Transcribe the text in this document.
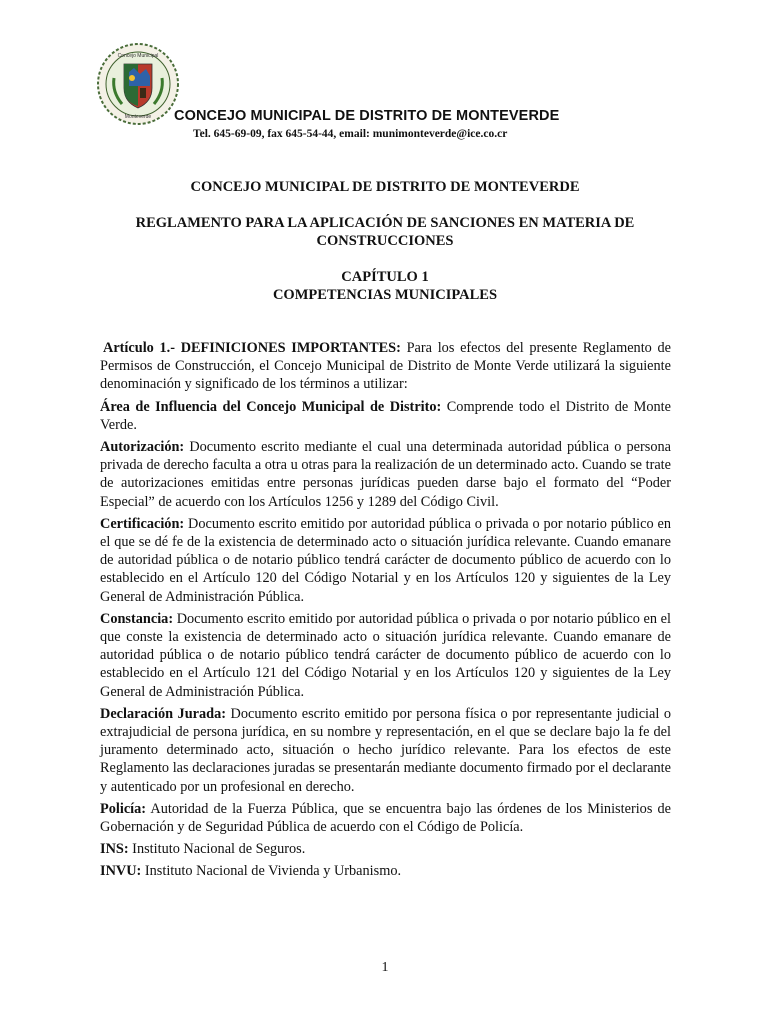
Concejo Municipal
Monteverde CONCEJO MUNICIPAL DE DISTRITO DE MONTEVERDE
Tel. 645-69-09, fax 645-54-44, email: munimonteverde@ice.co.cr
CONCEJO MUNICIPAL DE DISTRITO DE MONTEVERDE
REGLAMENTO PARA LA APLICACIÓN DE SANCIONES EN MATERIA DE
CONSTRUCCIONES
CAPÍTULO 1
COMPETENCIAS MUNICIPALES

Artículo 1.- DEFINICIONES IMPORTANTES: Para los efectos del presente Reglamento de Permisos de Construcción, el Concejo Municipal de Distrito de Monte Verde utilizará la siguiente denominación y significado de los términos a utilizar:

Área de Influencia del Concejo Municipal de Distrito: Comprende todo el Distrito de Monte Verde.

Autorización: Documento escrito mediante el cual una determinada autoridad pública o persona privada de derecho faculta a otra u otras para la realización de un determinado acto. Cuando se trate de autorizaciones emitidas entre personas jurídicas pueden darse bajo el formato del “Poder Especial” de acuerdo con los Artículos 1256 y 1289 del Código Civil.

Certificación: Documento escrito emitido por autoridad pública o privada o por notario público en el que se dé fe de la existencia de determinado acto o situación jurídica relevante. Cuando emanare de autoridad pública o de notario público tendrá carácter de documento público de acuerdo con lo establecido en el Artículo 120 del Código Notarial y en los Artículos 120 y siguientes de la Ley General de Administración Pública.

Constancia: Documento escrito emitido por autoridad pública o privada o por notario público en el que conste la existencia de determinado acto o situación jurídica relevante. Cuando emanare de autoridad pública o de notario público tendrá carácter de documento público de acuerdo con lo establecido en el Artículo 121 del Código Notarial y en los Artículos 120 y siguientes de la Ley General de Administración Pública.

Declaración Jurada: Documento escrito emitido por persona física o por representante judicial o extrajudicial de persona jurídica, en su nombre y representación, en el que se declare bajo la fe del juramento determinado acto, situación o hecho jurídico relevante. Para los efectos de este Reglamento las declaraciones juradas se presentarán mediante documento firmado por el declarante y autenticado por un profesional en derecho.

Policía: Autoridad de la Fuerza Pública, que se encuentra bajo las órdenes de los Ministerios de Gobernación y de Seguridad Pública de acuerdo con el Código de Policía.

INS: Instituto Nacional de Seguros.

INVU: Instituto Nacional de Vivienda y Urbanismo.

1
